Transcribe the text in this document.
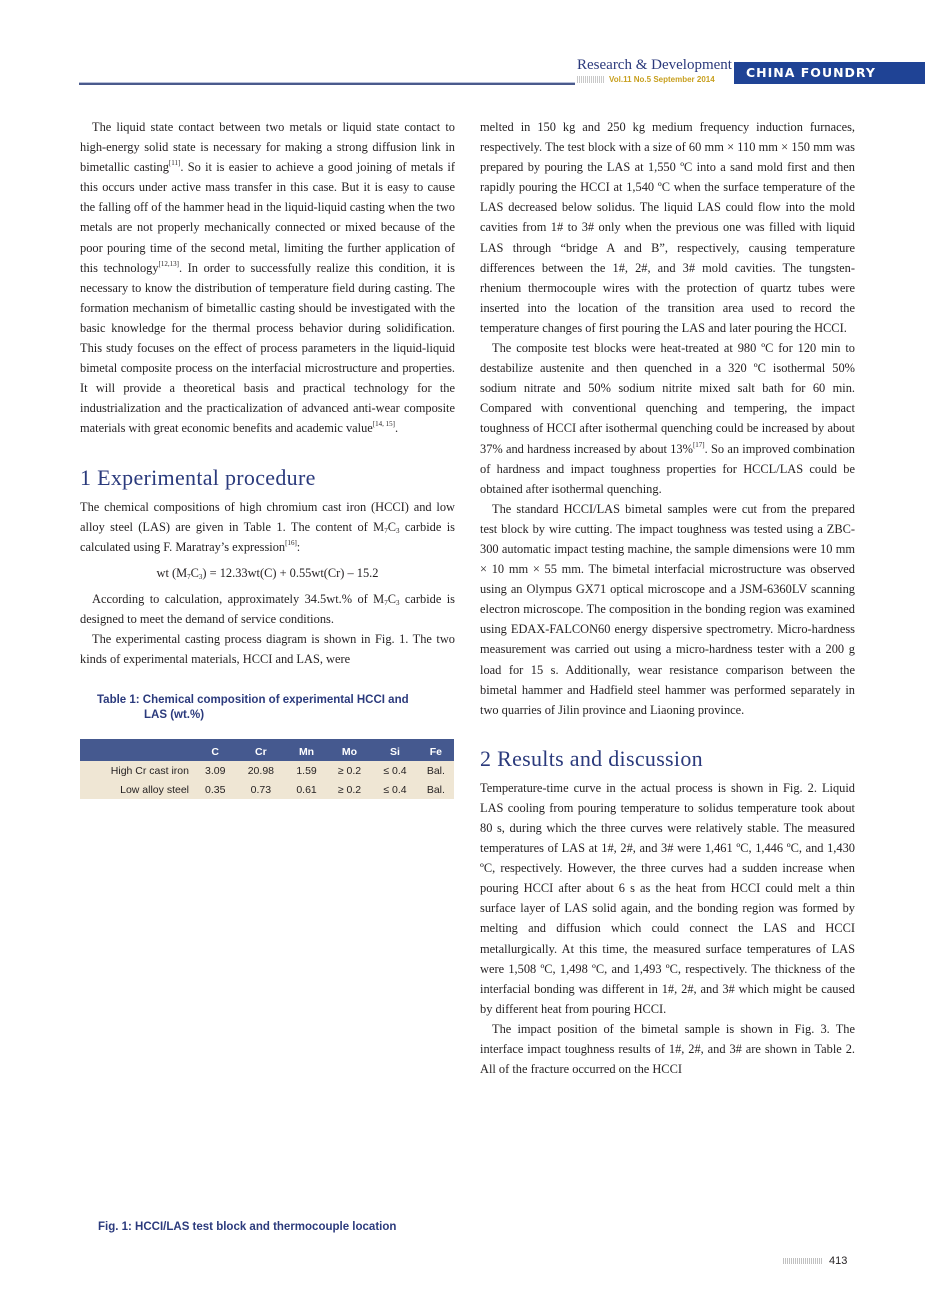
Research & Development
Vol.11 No.5 September 2014	CHINA FOUNDRY

The liquid state contact between two metals or liquid state contact to high-energy solid state is necessary for making a strong diffusion link in bimetallic casting[11]. So it is easier to achieve a good joining of metals if this occurs under active mass transfer in this case. But it is easy to cause the falling off of the hammer head in the liquid-liquid casting when the two metals are not properly mechanically connected or mixed because of the poor pouring time of the second metal, limiting the further application of this technology[12,13]. In order to successfully realize this condition, it is necessary to know the distribution of temperature field during casting. The formation mechanism of bimetallic casting should be investigated with the basic knowledge for the thermal process behavior during solidification. This study focuses on the effect of process parameters in the liquid-liquid bimetal composite process on the interfacial microstructure and properties. It will provide a theoretical basis and practical technology for the industrialization and the practicalization of advanced anti-wear composite materials with great economic benefits and academic value[14, 15].

1 Experimental procedure

The chemical compositions of high chromium cast iron (HCCI) and low alloy steel (LAS) are given in Table 1. The content of $M_7C_3$ carbide is calculated using F. Maratray’s expression[16]:

wt $(M_7C_3) = 12.33wt(C) + 0.55wt(Cr) - 15.2$

According to calculation, approximately 34.5wt.% of $M_7C_3$ carbide is designed to meet the demand of service conditions.

The experimental casting process diagram is shown in Fig. 1. The two kinds of experimental materials, HCCI and LAS, were

Table 1: Chemical composition of experimental HCCI and
LAS (wt.%)

	C	Cr	Mn	Mo	Si	Fe
High Cr cast iron	3.09	20.98	1.59	≥ 0.2	≤ 0.4	Bal.
Low alloy steel	0.35	0.73	0.61	≥ 0.2	≤ 0.4	Bal.
Fig. 1: HCCI/LAS test block and thermocouple location

melted in 150 kg and 250 kg medium frequency induction furnaces, respectively. The test block with a size of 60 mm × 110 mm × 150 mm was prepared by pouring the LAS at 1,550 ºC into a sand mold first and then rapidly pouring the HCCI at 1,540 ºC when the surface temperature of the LAS decreased below solidus. The liquid LAS could flow into the mold cavities from 1# to 3# only when the previous one was filled with liquid LAS through “bridge A and B”, respectively, causing temperature differences between the 1#, 2#, and 3# mold cavities. The tungsten-rhenium thermocouple wires with the protection of quartz tubes were inserted into the location of the transition area used to record the temperature changes of first pouring the LAS and later pouring the HCCI.

The composite test blocks were heat-treated at 980 ºC for 120 min to destabilize austenite and then quenched in a 320 ºC isothermal 50% sodium nitrate and 50% sodium nitrite mixed salt bath for 60 min. Compared with conventional quenching and tempering, the impact toughness of HCCI after isothermal quenching could be increased by about 37% and hardness increased by about 13%[17]. So an improved combination of hardness and impact toughness properties for HCCL/LAS could be obtained after isothermal quenching.

The standard HCCI/LAS bimetal samples were cut from the prepared test block by wire cutting. The impact toughness was tested using a ZBC-300 automatic impact testing machine, the sample dimensions were 10 mm × 10 mm × 55 mm. The bimetal interfacial microstructure was observed using an Olympus GX71 optical microscope and a JSM-6360LV scanning electron microscope. The composition in the bonding region was examined using EDAX-FALCON60 energy dispersive spectrometry. Micro-hardness measurement was carried out using a micro-hardness tester with a 200 g load for 15 s. Additionally, wear resistance comparison between the bimetal hammer and Hadfield steel hammer was performed separately in two quarries of Jilin province and Liaoning province.

2 Results and discussion

Temperature-time curve in the actual process is shown in Fig. 2. Liquid LAS cooling from pouring temperature to solidus temperature took about 80 s, during which the three curves were relatively stable. The measured temperatures of LAS at 1#, 2#, and 3# were 1,461 ºC, 1,446 ºC, and 1,430 ºC, respectively. However, the three curves had a sudden increase when pouring HCCI after about 6 s as the heat from HCCI could melt a thin surface layer of LAS solid again, and the bonding region was formed by melting and diffusion which could connect the LAS and HCCI metallurgically. At this time, the measured surface temperatures of LAS were 1,508 ºC, 1,498 ºC, and 1,493 ºC, respectively. The thickness of the interfacial bonding was different in 1#, 2#, and 3# which might be caused by different heat from pouring HCCI.

The impact position of the bimetal sample is shown in Fig. 3. The interface impact toughness results of 1#, 2#, and 3# are shown in Table 2. All of the fracture occurred on the HCCI

413
